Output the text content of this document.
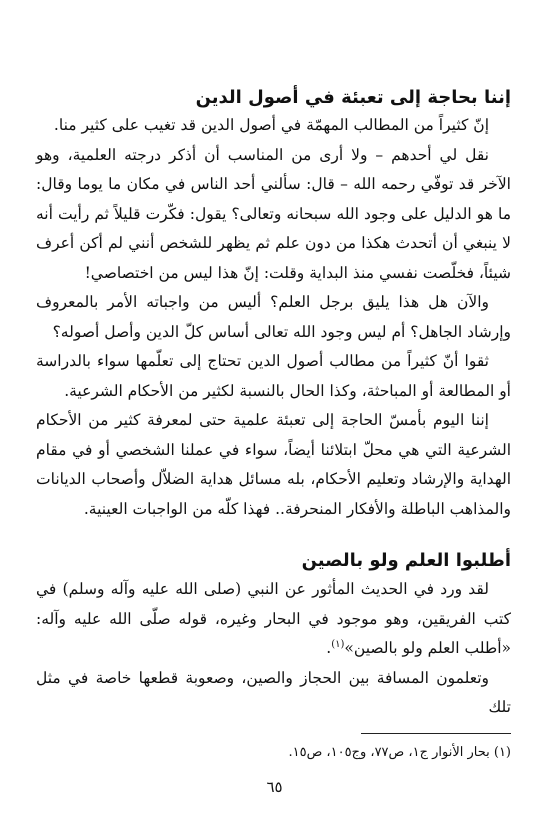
إننا بحاجة إلى تعبئة في أصول الدين

إنّ كثيراً من المطالب المهمّة في أصول الدين قد تغيب على كثير منا.

نقل لي أحدهم – ولا أرى من المناسب أن أذكر درجته العلمية، وهو الآخر قد توفّي رحمه الله – قال: سألني أحد الناس في مكان ما يوما وقال: ما هو الدليل على وجود الله سبحانه وتعالى؟ يقول: فكّرت قليلاً ثم رأيت أنه لا ينبغي أن أتحدث هكذا من دون علم ثم يظهر للشخص أنني لم أكن أعرف شيئاً، فخلّصت نفسي منذ البداية وقلت: إنّ هذا ليس من اختصاصي!

والآن هل هذا يليق برجل العلم؟ أليس من واجباته الأمر بالمعروف وإرشاد الجاهل؟ أم ليس وجود الله تعالى أساس كلّ الدين وأصل أصوله؟

ثقوا أنّ كثيراً من مطالب أصول الدين تحتاج إلى تعلّمها سواء بالدراسة أو المطالعة أو المباحثة، وكذا الحال بالنسبة لكثير من الأحكام الشرعية.

إننا اليوم بأمسّ الحاجة إلى تعبئة علمية حتى لمعرفة كثير من الأحكام الشرعية التي هي محلّ ابتلائنا أيضاً، سواء في عملنا الشخصي أو في مقام الهداية والإرشاد وتعليم الأحكام، بله مسائل هداية الضلاّل وأصحاب الديانات والمذاهب الباطلة والأفكار المنحرفة.. فهذا كلّه من الواجبات العينية.

أطلبوا العلم ولو بالصين

لقد ورد في الحديث المأثور عن النبي (صلى الله عليه وآله وسلم) في كتب الفريقين، وهو موجود في البحار وغيره، قوله صلّى الله عليه وآله: «أطلب العلم ولو بالصين»$^{(١)}$.

وتعلمون المسافة بين الحجاز والصين، وصعوبة قطعها خاصة في مثل تلك

(١) بحار الأنوار ج١، ص٧٧، وج١٠٥، ص١٥.
٦٥
